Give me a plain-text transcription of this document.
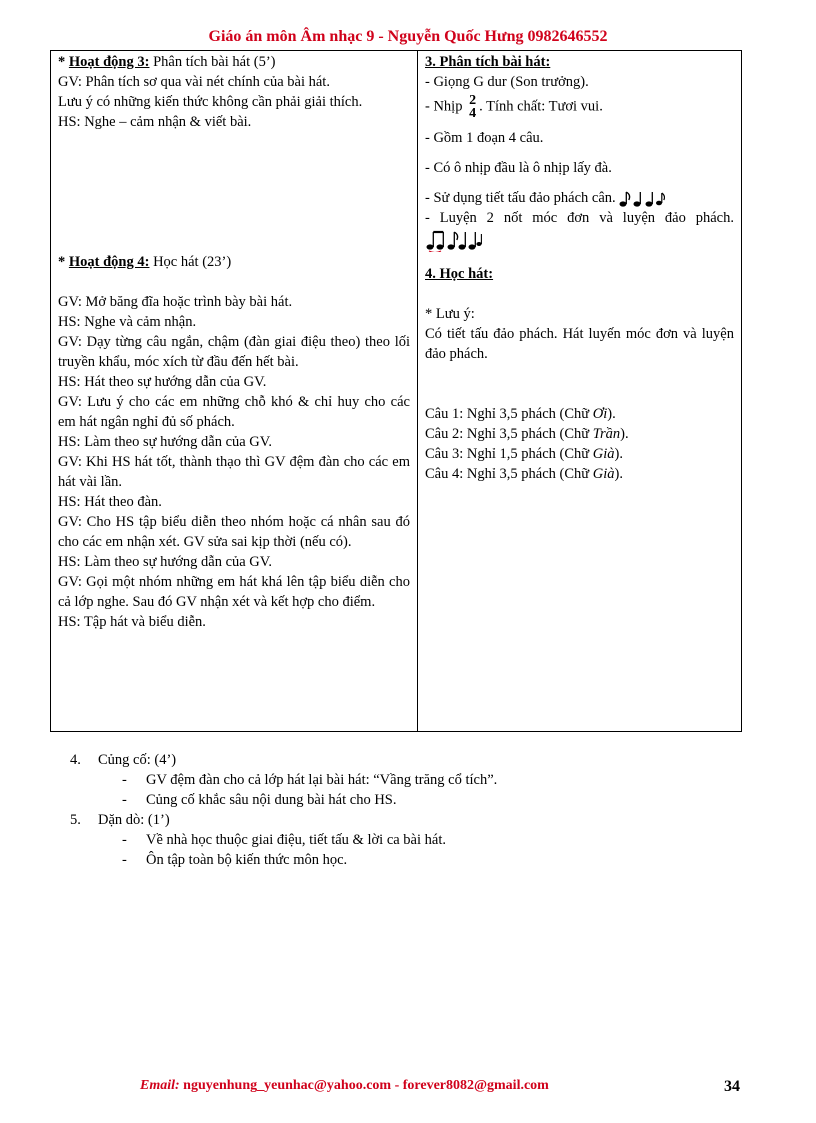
Giáo án môn Âm nhạc 9 - Nguyễn Quốc Hưng 0982646552

* Hoạt động 3: Phân tích bài hát (5’)

GV: Phân tích sơ qua vài nét chính của bài hát.

Lưu ý có những kiến thức không cần phải giải thích.

HS: Nghe – cảm nhận & viết bài.

* Hoạt động 4: Học hát (23’)

GV: Mở băng đĩa hoặc trình bày bài hát.

HS: Nghe và cảm nhận.

GV: Dạy từng câu ngắn, chậm (đàn giai điệu theo) theo lối truyền khẩu, móc xích từ đầu đến hết bài.

HS: Hát theo sự hướng dẫn của GV.

GV: Lưu ý cho các em những chỗ khó & chỉ huy cho các em hát ngân nghỉ đủ số phách.

HS: Làm theo sự hướng dẫn của GV.

GV: Khi HS hát tốt, thành thạo thì GV đệm đàn cho các em hát vài lần.

HS: Hát theo đàn.

GV: Cho HS tập biểu diễn theo nhóm hoặc cá nhân sau đó cho các em nhận xét. GV sửa sai kịp thời (nếu có).

HS: Làm theo sự hướng dẫn của GV.

GV: Gọi một nhóm những em hát khá lên tập biểu diễn cho cả lớp nghe. Sau đó GV nhận xét và kết hợp cho điểm.

HS: Tập hát và biểu diễn.

3. Phân tích bài hát:

- Giọng G dur (Son trưởng).

- Nhịp 2
4 . Tính chất: Tươi vui.

- Gồm 1 đoạn 4 câu.

- Có ô nhịp đầu là ô nhịp lấy đà.

- Sử dụng tiết tấu đảo phách cân.

- Luyện 2 nốt móc đơn và luyện đảo phách.

4. Học hát:

* Lưu ý:

Có tiết tấu đảo phách. Hát luyến móc đơn và luyện đảo phách.

Câu 1: Nghỉ 3,5 phách (Chữ Ơi).

Câu 2: Nghỉ 3,5 phách (Chữ Trần).

Câu 3: Nghỉ 1,5 phách (Chữ Già).

Câu 4: Nghỉ 3,5 phách (Chữ Già).

4. Củng cố: (4’)
- GV đệm đàn cho cả lớp hát lại bài hát: “Vầng trăng cổ tích”.
- Củng cố khắc sâu nội dung bài hát cho HS.
5. Dặn dò: (1’)
- Về nhà học thuộc giai điệu, tiết tấu & lời ca bài hát.
- Ôn tập toàn bộ kiến thức môn học.
Email: nguyenhung_yeunhac@yahoo.com - forever8082@gmail.com	34
